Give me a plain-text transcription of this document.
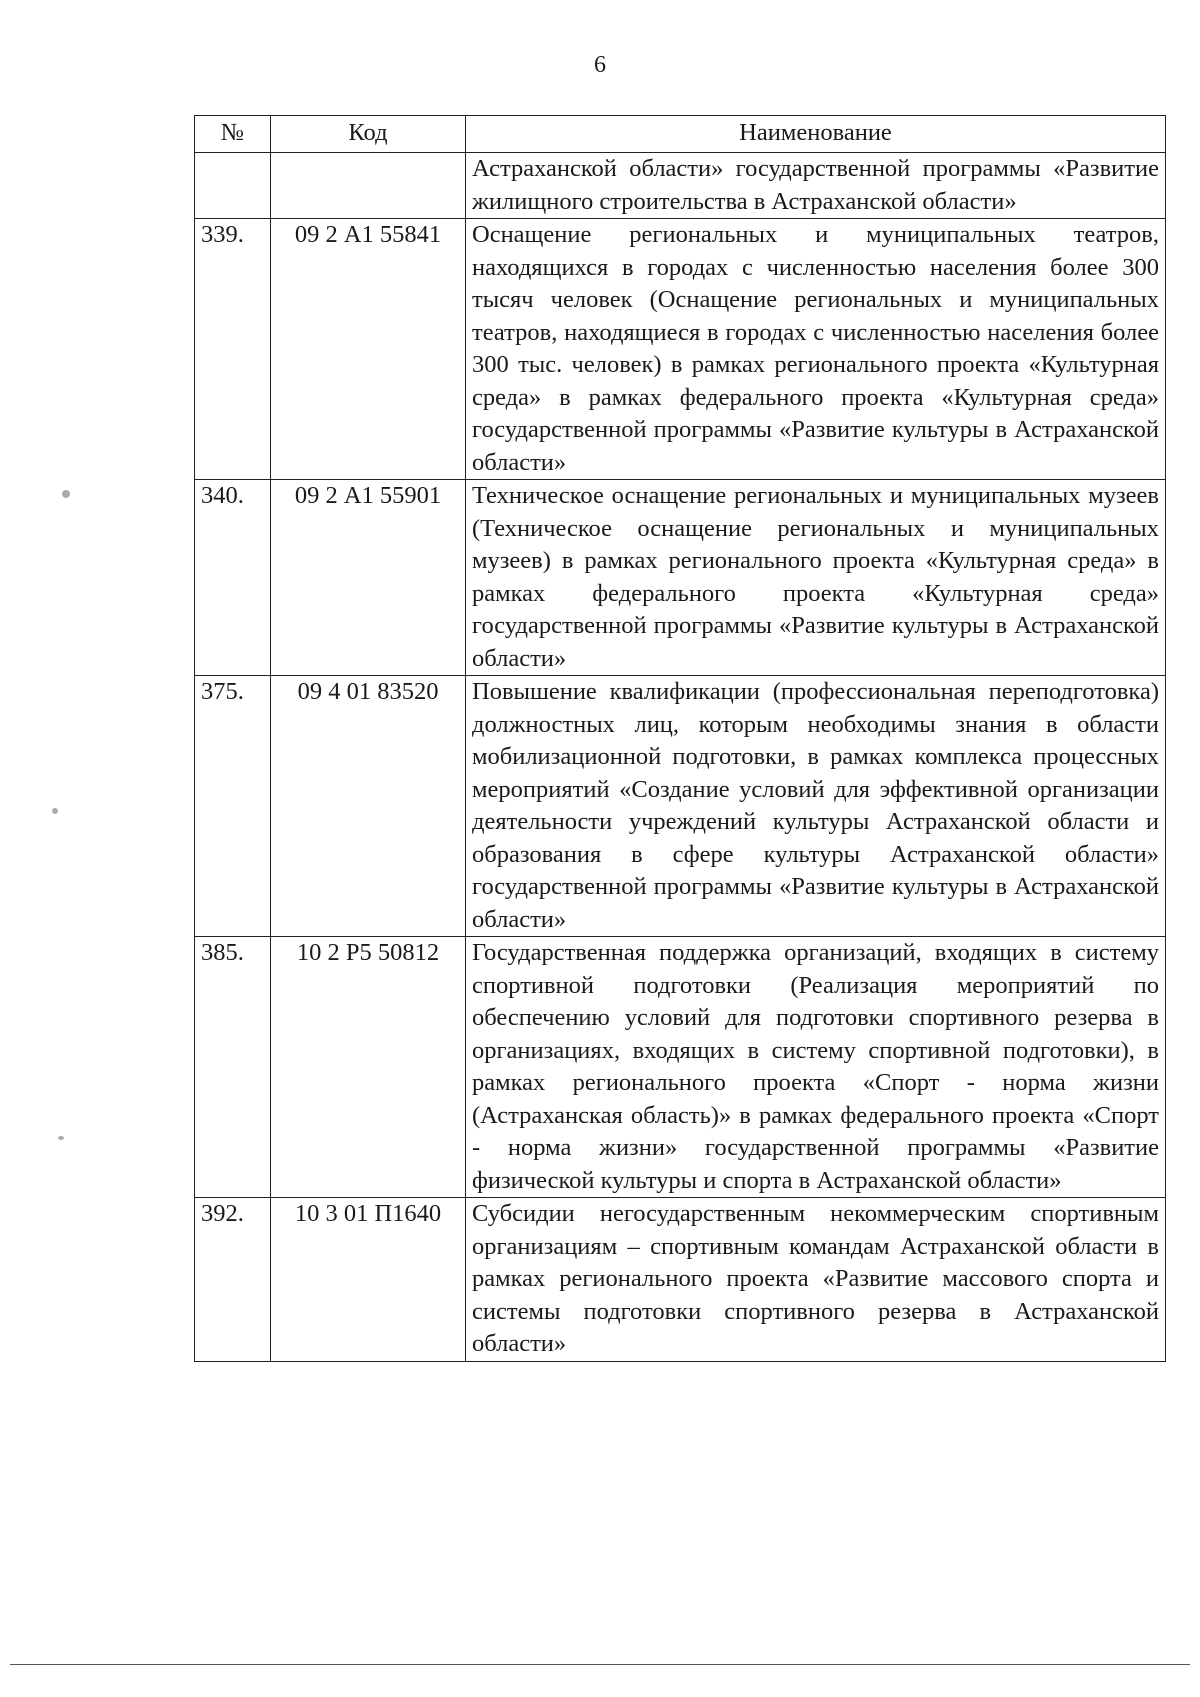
6
№	Код	Наименование
		Астраханской области» государственной программы «Развитие жилищного строительства в Астраханской области»
339.	09 2 А1 55841	Оснащение региональных и муниципальных театров, находящихся в городах с численностью населения более 300 тысяч человек (Оснащение региональных и муниципальных театров, находящиеся в городах с численностью населения более 300 тыс. человек) в рамках регионального проекта «Культурная среда» в рамках федерального проекта «Культурная среда» государственной программы «Развитие культуры в Астраханской области»
340.	09 2 А1 55901	Техническое оснащение региональных и муниципальных музеев (Техническое оснащение региональных и муниципальных музеев) в рамках регионального проекта «Культурная среда» в рамках федерального проекта «Культурная среда» государственной программы «Развитие культуры в Астраханской области»
375.	09 4 01 83520	Повышение квалификации (профессиональная переподготовка) должностных лиц, которым необходимы знания в области мобилизационной подготовки, в рамках комплекса процессных мероприятий «Создание условий для эффективной организации деятельности учреждений культуры Астраханской области и образования в сфере культуры Астраханской области» государственной программы «Развитие культуры в Астраханской области»
385.	10 2 Р5 50812	Государственная поддержка организаций, входящих в систему спортивной подготовки (Реализация мероприятий по обеспечению условий для подготовки спортивного резерва в организациях, входящих в систему спортивной подготовки), в рамках регионального проекта «Спорт - норма жизни (Астраханская область)» в рамках федерального проекта «Спорт - норма жизни» государственной программы «Развитие физической культуры и спорта в Астраханской области»
392.	10 3 01 П1640	Субсидии негосударственным некоммерческим спортивным организациям – спортивным командам Астраханской области в рамках регионального проекта «Развитие массового спорта и системы подготовки спортивного резерва в Астраханской области»
